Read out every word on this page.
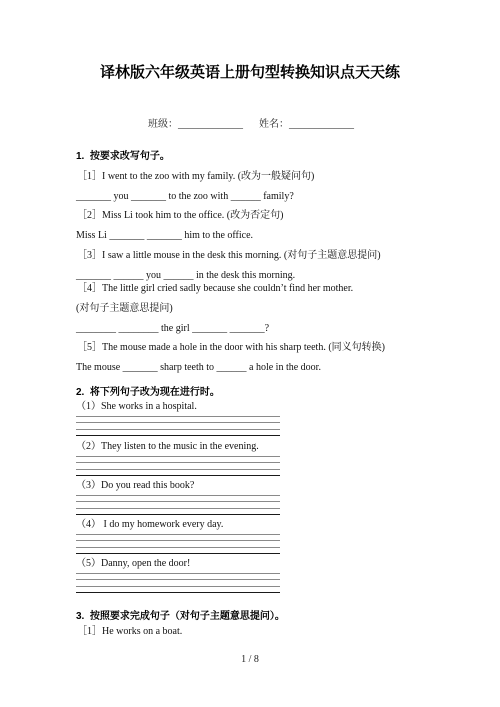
译林版六年级英语上册句型转换知识点天天练
班级：_____________ 姓名：_____________
1.  按要求改写句子。
［1］I went to the zoo with my family. (改为一般疑问句)
_______ you _______ to the zoo with ______ family?
［2］Miss Li took him to the office. (改为否定句)
Miss Li _______ _______ him to the office.
［3］I saw a little mouse in the desk this morning. (对句子主题意思提问)
_______ ______ you ______ in the desk this morning.
［4］The little girl cried sadly because she couldn’t find her mother.
(对句子主题意思提问)
________ ________ the girl _______ _______?
［5］The mouse made a hole in the door with his sharp teeth. (同义句转换)
The mouse _______ sharp teeth to ______ a hole in the door.
2.  将下列句子改为现在进行时。
（1）She works in a hospital.
（2）They listen to the music in the evening.
（3）Do you read this book?
（4） I do my homework every day.
（5）Danny, open the door!
3.  按照要求完成句子（对句子主题意思提问）。
［1］He works on a boat.
1 / 8
